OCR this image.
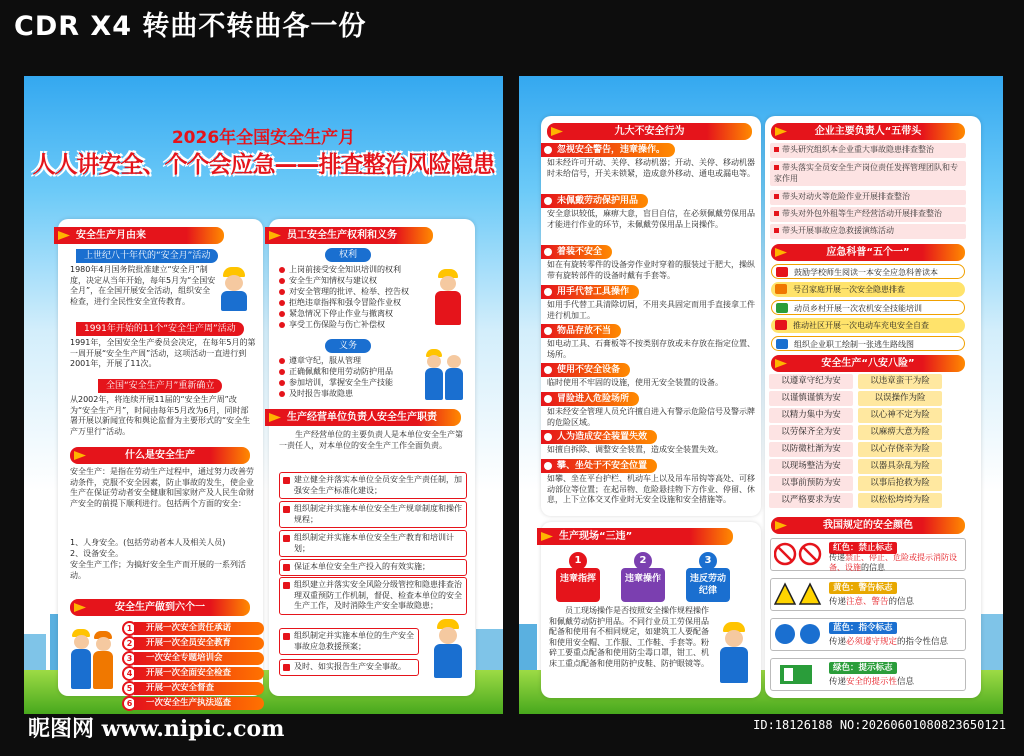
CDR X4 转曲不转曲各一份
2026年全国安全生产月
人人讲安全、个个会应急——排查整治风险隐患
安全生产月由来
上世纪八十年代的“安全月”活动
1980年4月国务院批准建立“安全月”制度，决定从当年开始，每年5月为“全国安全月”，在全国开展安全活动，组织安全检查，进行全民性安全宣传教育。
1991年开始的11个“安全生产周”活动
1991年，全国安全生产委员会决定，在每年5月的第一周开展“安全生产周”活动，这项活动一直进行到2001年，开展了11次。
全国“安全生产月”重新确立
从2002年，将连续开展11届的“安全生产周”改为“安全生产月”，时间由每年5月改为6月，同时部署开展以新闻宣传和舆论监督为主要形式的“安全生产万里行”活动。
什么是安全生产
安全生产：是指在劳动生产过程中，通过努力改善劳动条件，克服不安全因素，防止事故的发生，使企业生产在保证劳动者安全健康和国家财产及人民生命财产安全的前提下顺利进行。包括两个方面的安全：
1、人身安全。(包括劳动者本人及相关人员)
2、设备安全。
安全生产工作；为搞好安全生产而开展的一系列活动。
安全生产做到六个一
1	开展一次安全责任承诺
2	开展一次全员安全教育
3	一次安全专题培训会
4	开展一次全面安全检查
5	开展一次安全督查
6	一次安全生产执法巡查
员工安全生产权利和义务
权利
上岗前接受安全知识培训的权利
安全生产知情权与建议权
对安全管理的批评、检举、控告权
拒绝违章指挥和强令冒险作业权
紧急情况下停止作业与撤离权
享受工伤保险与伤亡补偿权
义务
遵章守纪，服从管理
正确佩戴和使用劳动防护用品
参加培训，掌握安全生产技能
及时报告事故隐患
生产经营单位负责人安全生产职责
生产经营单位的主要负责人是本单位安全生产第一责任人，对本单位的安全生产工作全面负责。
建立健全并落实本单位全员安全生产责任制，加强安全生产标准化建设；
组织制定并实施本单位安全生产规章制度和操作规程；
组织制定并实施本单位安全生产教育和培训计划；
保证本单位安全生产投入的有效实施；
组织建立并落实安全风险分级管控和隐患排查治理双重预防工作机制，督促、检查本单位的安全生产工作，及时消除生产安全事故隐患；
组织制定并实施本单位的生产安全事故应急救援预案；
及时、如实报告生产安全事故。
九大不安全行为
忽视安全警告，违章操作。
如未经许可开动、关停、移动机器；开动、关停、移动机器时未给信号，开关未锁紧，造成意外移动、通电或漏电等。
未佩戴劳动保护用品
安全意识较低，麻痹大意，盲目自信，在必须佩戴劳保用品才能进行作业的环节，未佩戴劳保用品上岗操作。
着装不安全
如在有旋转零件的设备旁作业时穿着的服装过于肥大，操纵带有旋转部件的设备时戴有手套等。
用手代替工具操作
如用手代替工具清除切屑，不用夹具固定而用手直接拿工件进行机加工。
物品存放不当
如电动工具、石膏板等不按类别存放或未存放在指定位置、场所。
使用不安全设备
临时使用不牢固的设施，使用无安全装置的设备。
冒险进入危险场所
如未经安全管理人员允许擅自进入有警示危险信号及警示牌的危险区域。
人为造成安全装置失效
如擅自拆除、调整安全装置，造成安全装置失效。
攀、坐处于不安全位置
如攀、坐在平台护栏、机动车上以及吊车吊钩等高处、可移动部位等位置；在起吊物、危险悬挂物下方作业、停留、休息，上下立体交叉作业时无安全设施和安全措施等。
生产现场“三违”
1
违章指挥
2
违章操作
3
违反劳动纪律
员工现场操作是否按照安全操作规程操作和佩戴劳动防护用品。不同行业员工劳保用品配备和使用有不相同规定，如建筑工人要配备和使用安全帽、工作服、工作鞋、手套等。粉碎工要重点配备和使用防尘毒口罩，钳工、机床工重点配备和使用防护皮鞋、防护眼镜等。
企业主要负责人“五带头
带头研究组织本企业重大事故隐患排查整治
带头落实全员安全生产岗位责任发挥管理团队和专家作用
带头对动火等危险作业开展排查整治
带头对外包外租等生产经营活动开展排查整治
带头开展事故应急救援演练活动
应急科普“五个一”
鼓励学校师生阅读一本安全应急科普读本
号召家庭开展一次安全隐患排查
动员乡村开展一次农机安全技能培训
推动社区开展一次电动车充电安全自查
组织企业职工绘制一张逃生路线图
安全生产“八安八险”
以遵章守纪为安	以违章蛮干为险
以谨慎谨慎为安	以误操作为险
以精力集中为安	以心神不定为险
以劳保齐全为安	以麻痹大意为险
以防微杜渐为安	以心存侥幸为险
以现场整洁为安	以器具杂乱为险
以事前预防为安	以事后抢救为险
以严格要求为安	以松松垮垮为险
我国规定的安全颜色
红色：禁止标志
传递禁止、停止、危险或提示消防设备、设施的信息
黄色：警告标志
传递注意、警告的信息
蓝色：指令标志
传递必须遵守规定的指令性信息
绿色：提示标志
传递安全的提示性信息
昵图网 www.nipic.com	ID:18126188 NO:20260601080823650121
